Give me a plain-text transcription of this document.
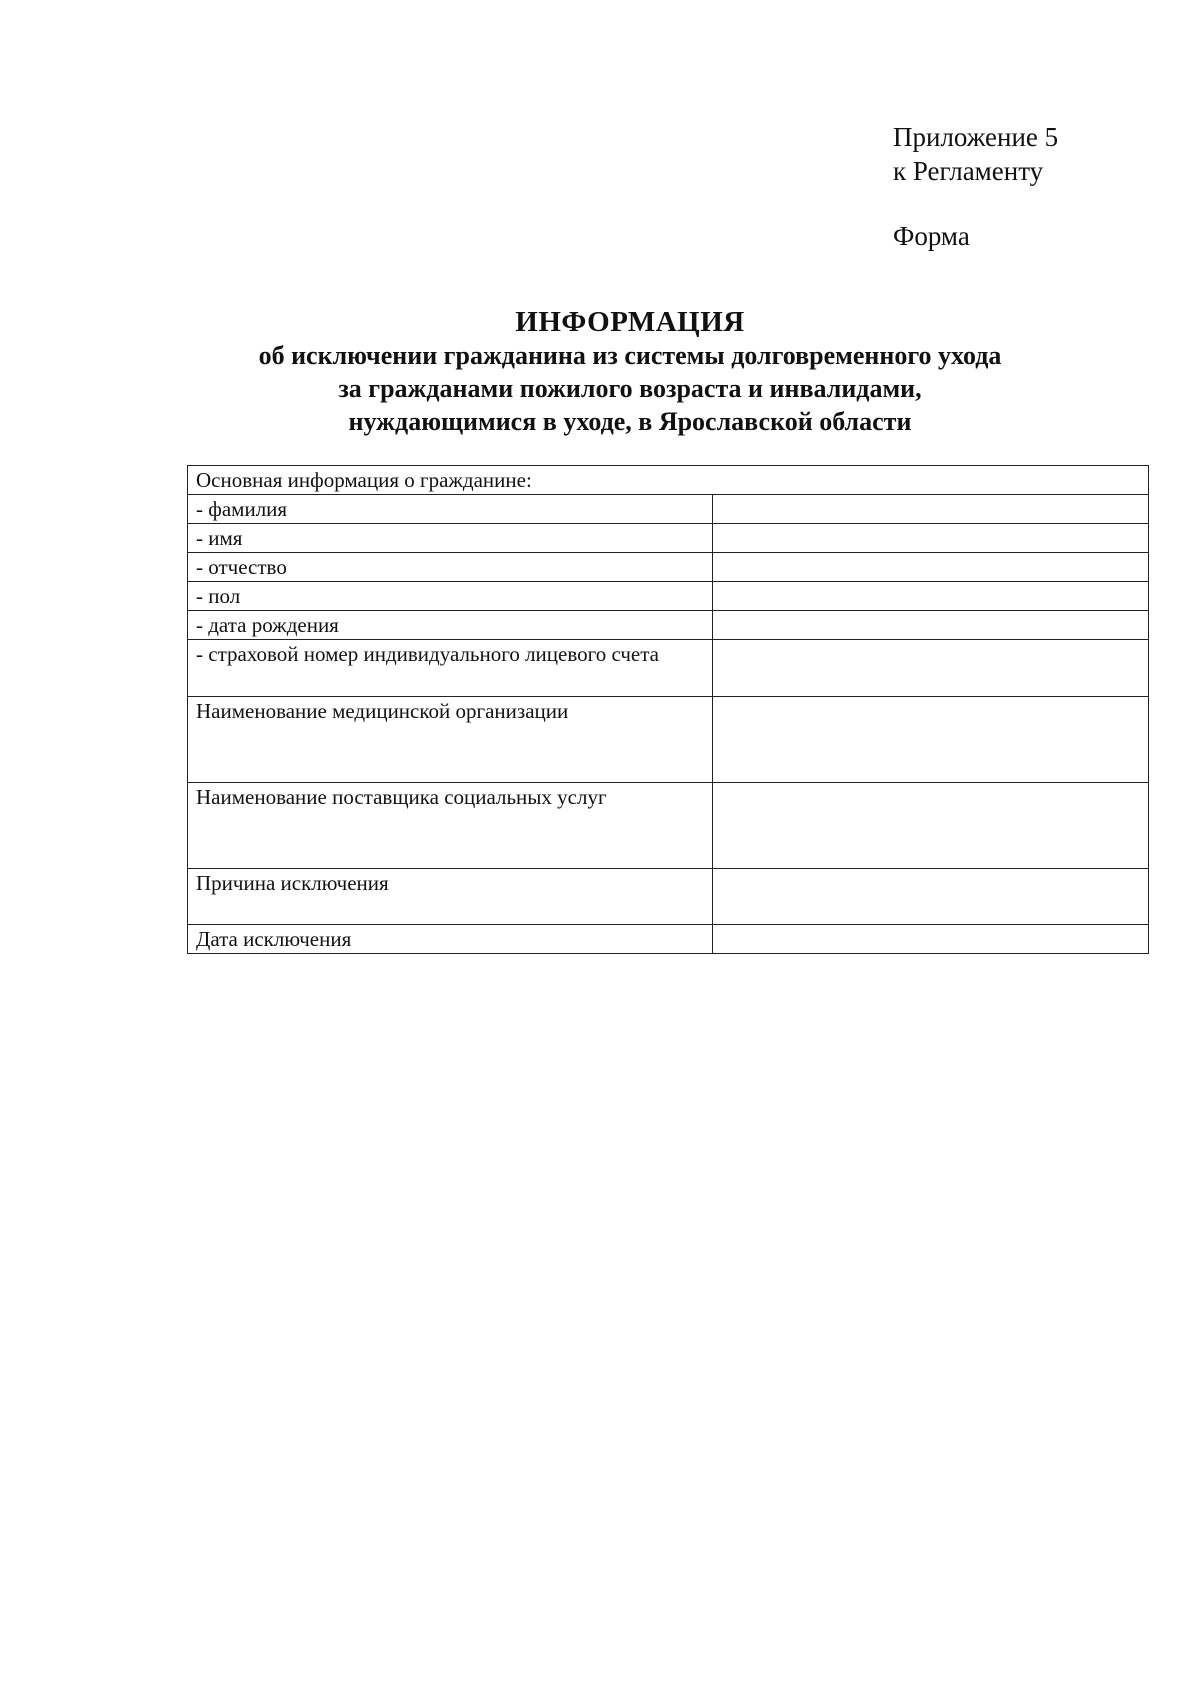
Приложение 5
к Регламенту
Форма
ИНФОРМАЦИЯ
об исключении гражданина из системы долговременного ухода
за гражданами пожилого возраста и инвалидами,
нуждающимися в уходе, в Ярославской области
Основная информация о гражданине:	
- фамилия	
- имя	
- отчество	
- пол	
- дата рождения	
- страховой номер индивидуального лицевого счета	
Наименование медицинской организации	
Наименование поставщика социальных услуг	
Причина исключения	
Дата исключения	
